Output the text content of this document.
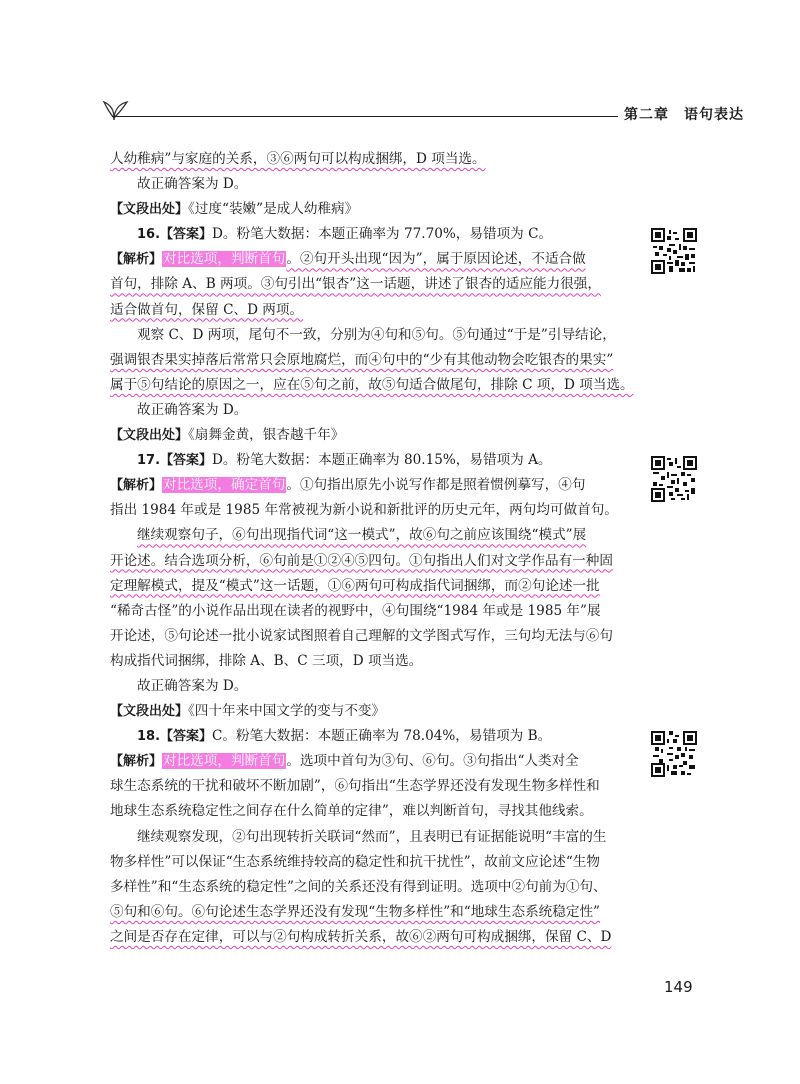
第二章　语句表达
人幼稚病”与家庭的关系，③⑥两句可以构成捆绑，D 项当选。
故正确答案为 D。
【文段出处】《过度“装嫩”是成人幼稚病》
16.【答案】D。粉笔大数据：本题正确率为 77.70%，易错项为 C。
【解析】对比选项，判断首句。②句开头出现“因为”，属于原因论述，不适合做
首句，排除 A、B 两项。③句引出“银杏”这一话题，讲述了银杏的适应能力很强，
适合做首句，保留 C、D 两项。
观察 C、D 两项，尾句不一致，分别为④句和⑤句。⑤句通过“于是”引导结论，
强调银杏果实掉落后常常只会原地腐烂，而④句中的“少有其他动物会吃银杏的果实”
属于⑤句结论的原因之一，应在⑤句之前，故⑤句适合做尾句，排除 C 项，D 项当选。
故正确答案为 D。
【文段出处】《扇舞金黄，银杏越千年》
17.【答案】D。粉笔大数据：本题正确率为 80.15%，易错项为 A。
【解析】对比选项，确定首句。①句指出原先小说写作都是照着惯例摹写，④句
指出 1984 年或是 1985 年常被视为新小说和新批评的历史元年，两句均可做首句。
继续观察句子，⑥句出现指代词“这一模式”，故⑥句之前应该围绕“模式”展
开论述。结合选项分析，⑥句前是①②④⑤四句。①句指出人们对文学作品有一种固
定理解模式，提及“模式”这一话题，①⑥两句可构成指代词捆绑，而②句论述一批
“稀奇古怪”的小说作品出现在读者的视野中，④句围绕“1984 年或是 1985 年”展
开论述，⑤句论述一批小说家试图照着自己理解的文学图式写作，三句均无法与⑥句
构成指代词捆绑，排除 A、B、C 三项，D 项当选。
故正确答案为 D。
【文段出处】《四十年来中国文学的变与不变》
18.【答案】C。粉笔大数据：本题正确率为 78.04%，易错项为 B。
【解析】对比选项，判断首句。选项中首句为③句、⑥句。③句指出“人类对全
球生态系统的干扰和破坏不断加剧”，⑥句指出“生态学界还没有发现生物多样性和
地球生态系统稳定性之间存在什么简单的定律”，难以判断首句，寻找其他线索。
继续观察发现，②句出现转折关联词“然而”，且表明已有证据能说明“丰富的生
物多样性”可以保证“生态系统维持较高的稳定性和抗干扰性”，故前文应论述“生物
多样性”和“生态系统的稳定性”之间的关系还没有得到证明。选项中②句前为①句、
⑤句和⑥句。⑥句论述生态学界还没有发现“生物多样性”和“地球生态系统稳定性”
之间是否存在定律，可以与②句构成转折关系，故⑥②两句可构成捆绑，保留 C、D
149
